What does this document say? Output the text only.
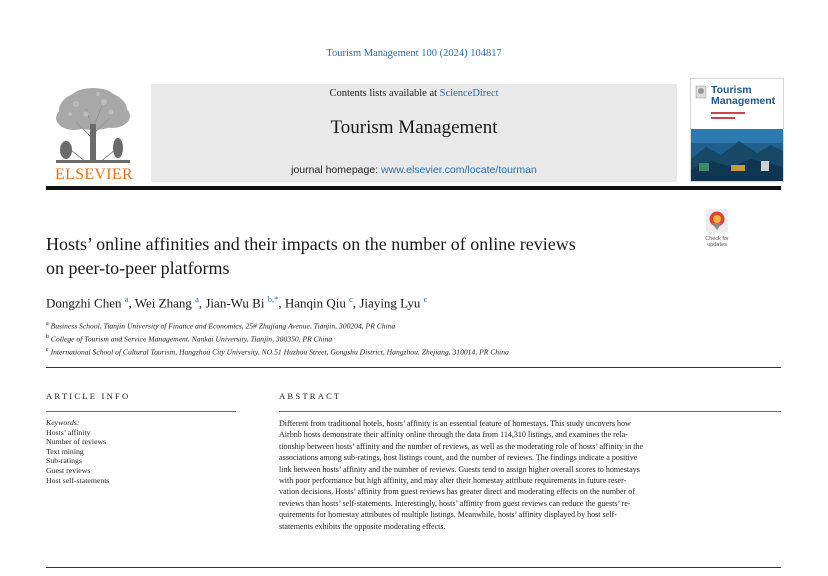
Tourism Management 100 (2024) 104817
ELSEVIER
Contents lists available at ScienceDirect
Tourism Management
journal homepage: www.elsevier.com/locate/tourman
Tourism
Management
Check for
updates
Hosts’ online affinities and their impacts on the number of online reviews
on peer-to-peer platforms
Dongzhi Chen $^a$, Wei Zhang $^a$, Jian-Wu Bi $^{b,*}$, Hanqin Qiu $^c$, Jiaying Lyu $^c$
$^a$ Business School, Tianjin University of Finance and Economics, 25# Zhujiang Avenue, Tianjin, 300204, PR China
$^b$ College of Tourism and Service Management, Nankai University, Tianjin, 300350, PR China
$^c$ International School of Cultural Tourism, Hangzhou City University, NO.51 Huzhou Street, Gongshu District, Hangzhou, Zhejiang, 310014, PR China
ARTICLE INFO
Keywords:
Hosts’ affinity
Number of reviews
Text mining
Sub-ratings
Guest reviews
Host self-statements
ABSTRACT
Different from traditional hotels, hosts’ affinity is an essential feature of homestays. This study uncovers how
Airbnb hosts demonstrate their affinity online through the data from 114,310 listings, and examines the rela-
tionship between hosts’ affinity and the number of reviews, as well as the moderating role of hosts’ affinity in the
associations among sub-ratings, host listings count, and the number of reviews. The findings indicate a positive
link between hosts’ affinity and the number of reviews. Guests tend to assign higher overall scores to homestays
with poor performance but high affinity, and may alter their homestay attribute requirements in future reser-
vation decisions. Hosts’ affinity from guest reviews has greater direct and moderating effects on the number of
reviews than hosts’ self-statements. Interestingly, hosts’ affinity from guest reviews can reduce the guests’ re-
quirements for homestay attributes of multiple listings. Meanwhile, hosts’ affinity displayed by host self-
statements exhibits the opposite moderating effects.
